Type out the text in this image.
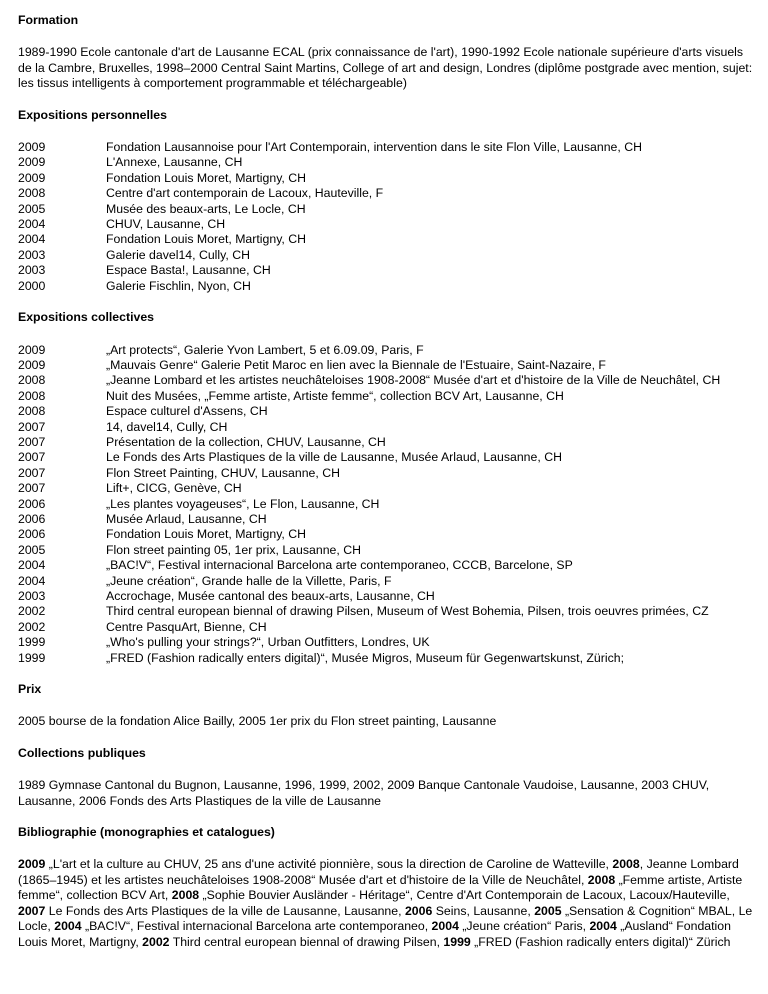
Formation

1989-1990 Ecole cantonale d'art de Lausanne ECAL (prix connaissance de l'art), 1990-1992 Ecole nationale supérieure d'arts visuels de la Cambre, Bruxelles, 1998–2000 Central Saint Martins, College of art and design, Londres (diplôme postgrade avec mention, sujet: les tissus intelligents à comportement programmable et téléchargeable)

Expositions personnelles
2009	Fondation Lausannoise pour l'Art Contemporain, intervention dans le site Flon Ville, Lausanne, CH
2009	L'Annexe, Lausanne, CH
2009	Fondation Louis Moret, Martigny, CH
2008	Centre d'art contemporain de Lacoux, Hauteville, F
2005	Musée des beaux-arts, Le Locle, CH
2004	CHUV, Lausanne, CH
2004	Fondation Louis Moret, Martigny, CH
2003	Galerie davel14, Cully, CH
2003	Espace Basta!, Lausanne, CH
2000	Galerie Fischlin, Nyon, CH
Expositions collectives
2009	„Art protects“, Galerie Yvon Lambert, 5 et 6.09.09, Paris, F
2009	„Mauvais Genre“ Galerie Petit Maroc en lien avec la Biennale de l'Estuaire, Saint-Nazaire, F
2008	„Jeanne Lombard et les artistes neuchâteloises 1908-2008“ Musée d'art et d'histoire de la Ville de Neuchâtel, CH
2008	Nuit des Musées, „Femme artiste, Artiste femme“, collection BCV Art, Lausanne, CH
2008	Espace culturel d'Assens, CH
2007	14, davel14, Cully, CH
2007	Présentation de la collection, CHUV, Lausanne, CH
2007	Le Fonds des Arts Plastiques de la ville de Lausanne, Musée Arlaud, Lausanne, CH
2007	Flon Street Painting, CHUV, Lausanne, CH
2007	Lift+, CICG, Genève, CH
2006	„Les plantes voyageuses“, Le Flon, Lausanne, CH
2006	Musée Arlaud, Lausanne, CH
2006	Fondation Louis Moret, Martigny, CH
2005	Flon street painting 05, 1er prix, Lausanne, CH
2004	„BAC!V“, Festival internacional Barcelona arte contemporaneo, CCCB, Barcelone, SP
2004	„Jeune création“, Grande halle de la Villette, Paris, F
2003	Accrochage, Musée cantonal des beaux-arts, Lausanne, CH
2002	Third central european biennal of drawing Pilsen, Museum of West Bohemia, Pilsen, trois oeuvres primées, CZ
2002	Centre PasquArt, Bienne, CH
1999	„Who's pulling your strings?“, Urban Outfitters, Londres, UK
1999	„FRED (Fashion radically enters digital)“, Musée Migros, Museum für Gegenwartskunst, Zürich;
Prix

2005 bourse de la fondation Alice Bailly, 2005 1er prix du Flon street painting, Lausanne

Collections publiques

1989 Gymnase Cantonal du Bugnon, Lausanne, 1996, 1999, 2002, 2009 Banque Cantonale Vaudoise, Lausanne, 2003 CHUV, Lausanne, 2006 Fonds des Arts Plastiques de la ville de Lausanne

Bibliographie (monographies et catalogues)

2009 „L'art et la culture au CHUV, 25 ans d'une activité pionnière, sous la direction de Caroline de Watteville, 2008, Jeanne Lombard (1865–1945) et les artistes neuchâteloises 1908-2008“ Musée d'art et d'histoire de la Ville de Neuchâtel, 2008 „Femme artiste, Artiste femme“, collection BCV Art, 2008 „Sophie Bouvier Ausländer - Héritage“, Centre d'Art Contemporain de Lacoux, Lacoux/Hauteville, 2007 Le Fonds des Arts Plastiques de la ville de Lausanne, Lausanne, 2006 Seins, Lausanne, 2005 „Sensation & Cognition“ MBAL, Le Locle, 2004 „BAC!V“, Festival internacional Barcelona arte contemporaneo, 2004 „Jeune création“ Paris, 2004 „Ausland“ Fondation Louis Moret, Martigny, 2002 Third central european biennal of drawing Pilsen, 1999 „FRED (Fashion radically enters digital)“ Zürich
